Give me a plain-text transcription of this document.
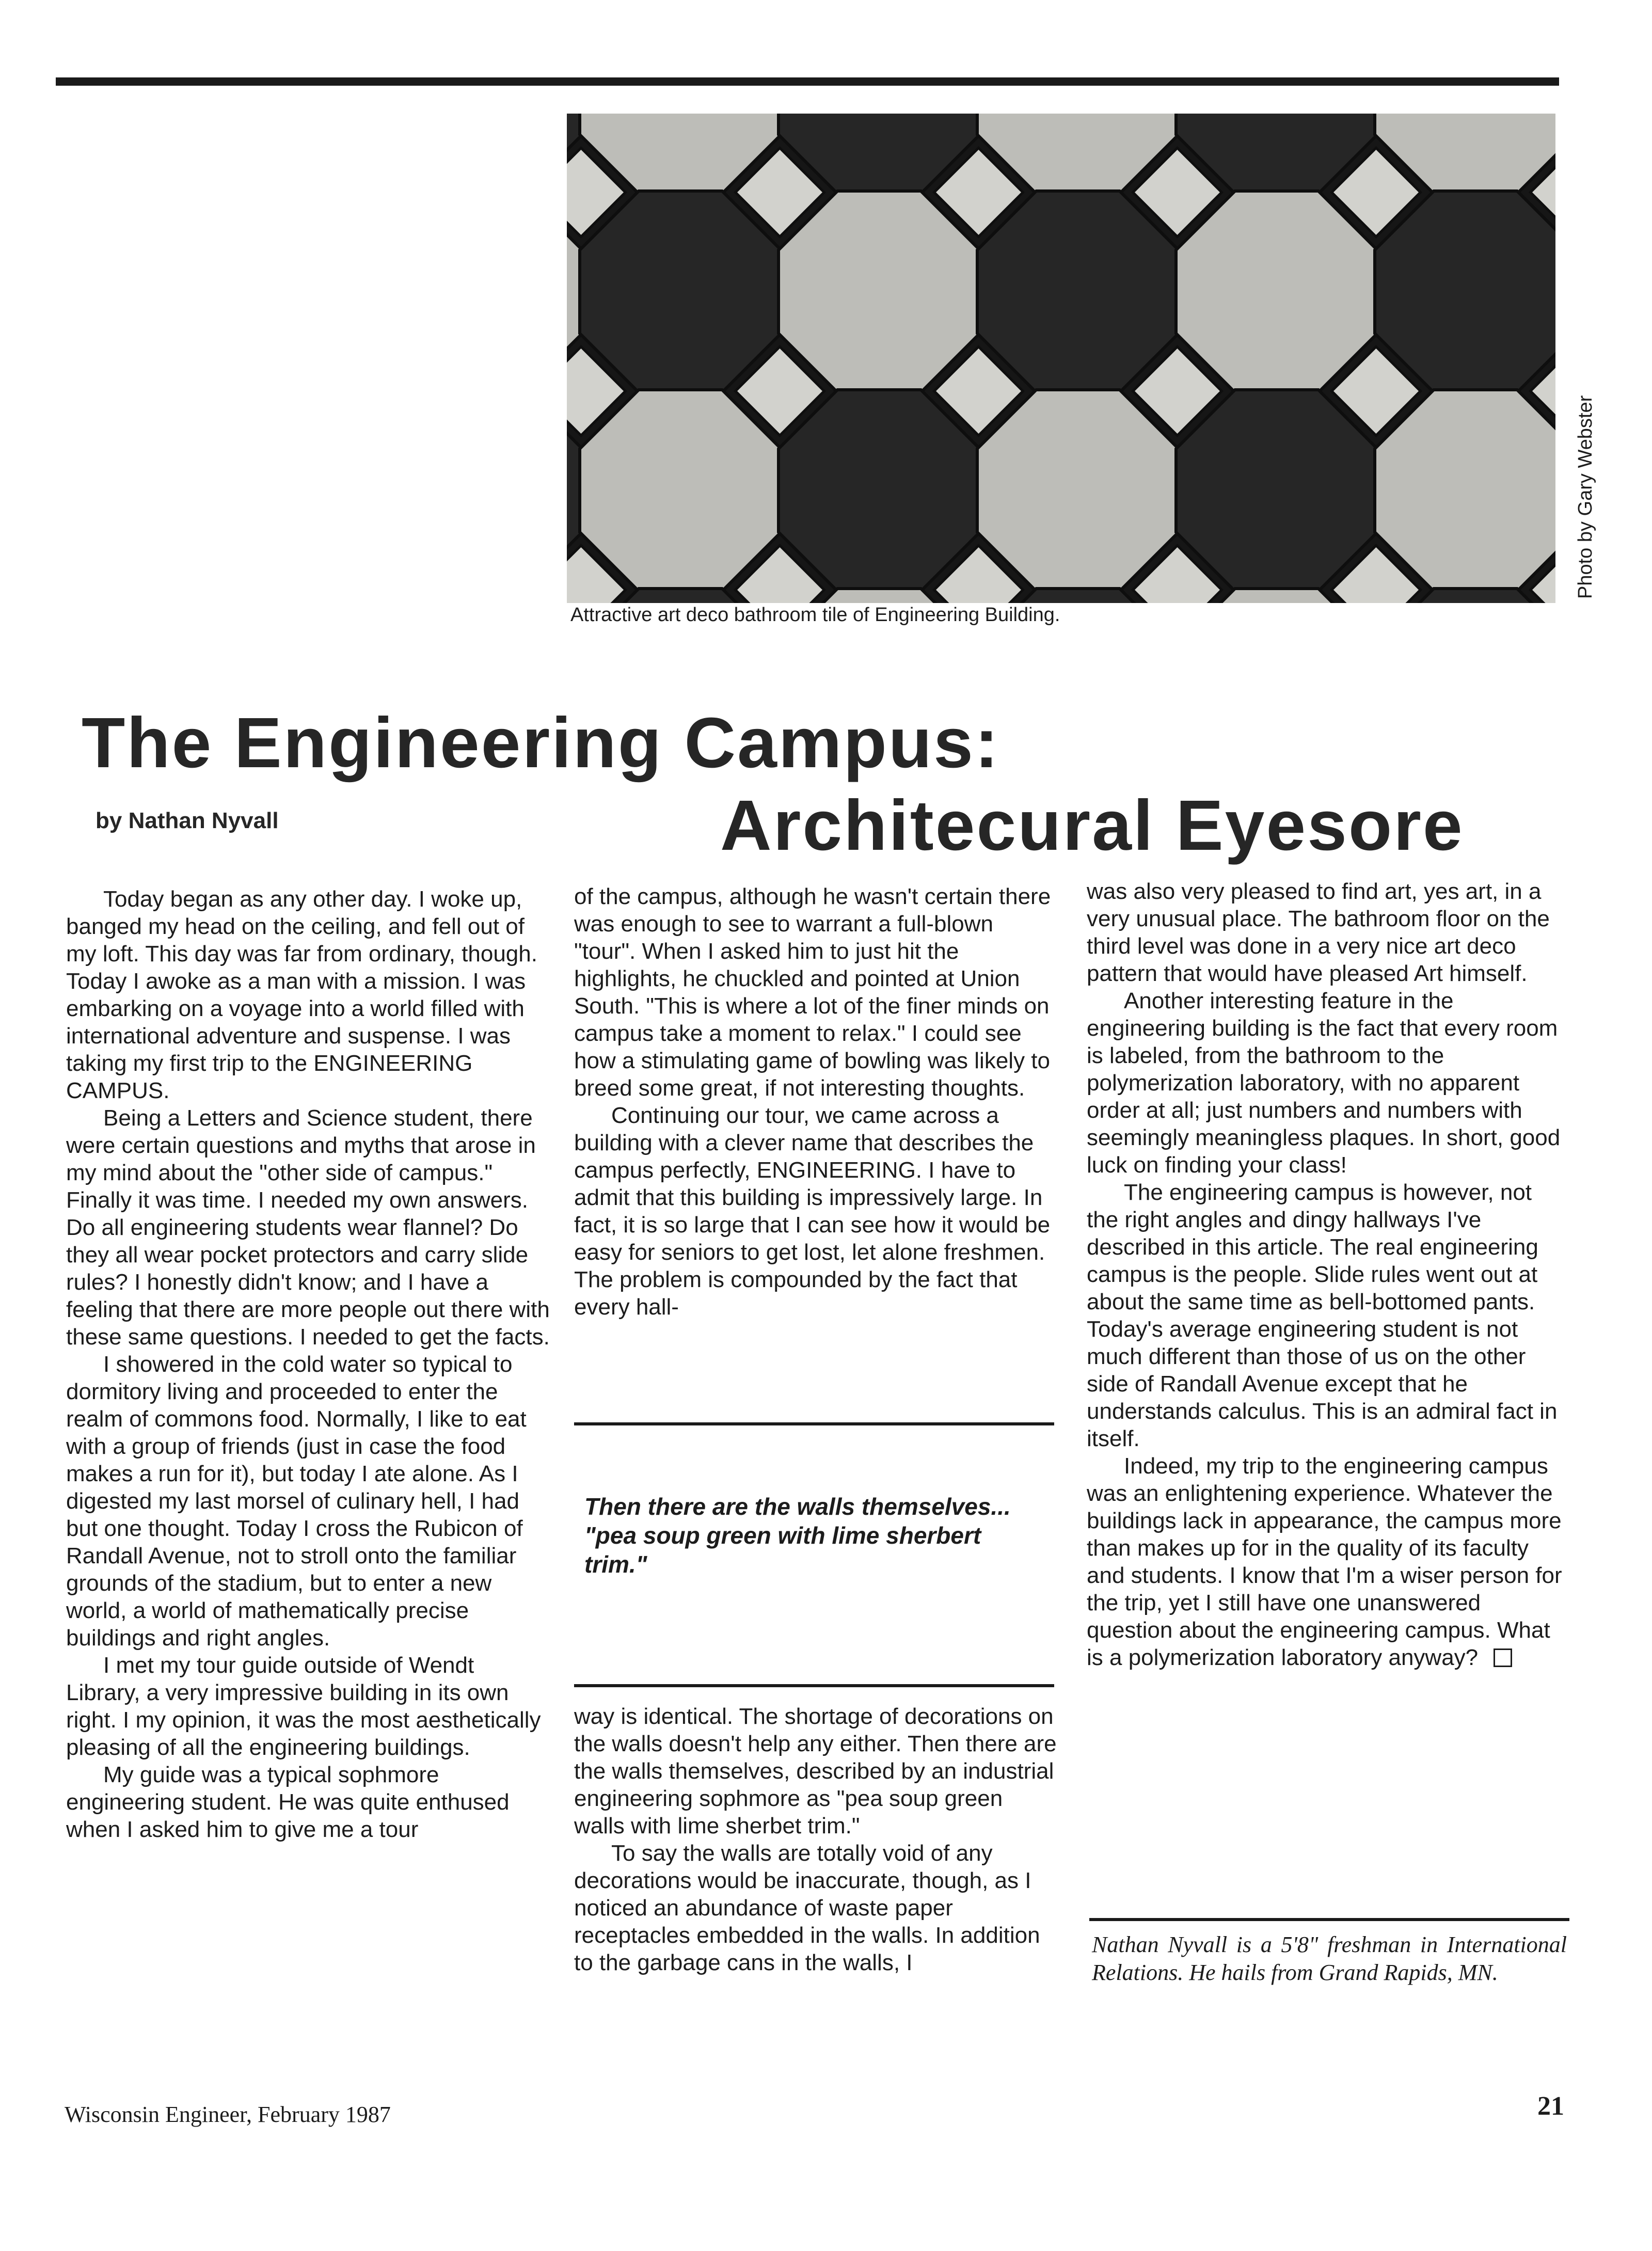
Attractive art deco bathroom tile of Engineering Building.
Photo by Gary Webster
The Engineering Campus:
by Nathan Nyvall	Architecural Eyesore

Today began as any other day. I woke up, banged my head on the ceiling, and fell out of my loft. This day was far from ordinary, though. Today I awoke as a man with a mission. I was embarking on a voyage into a world filled with international adventure and suspense. I was taking my first trip to the ENGINEERING CAMPUS.

Being a Letters and Science student, there were certain questions and myths that arose in my mind about the "other side of campus." Finally it was time. I needed my own answers. Do all engineering students wear flannel? Do they all wear pocket protectors and carry slide rules? I honestly didn't know; and I have a feeling that there are more people out there with these same questions. I needed to get the facts.

I showered in the cold water so typical to dormitory living and proceeded to enter the realm of commons food. Normally, I like to eat with a group of friends (just in case the food makes a run for it), but today I ate alone. As I digested my last morsel of culinary hell, I had but one thought. Today I cross the Rubicon of Randall Avenue, not to stroll onto the familiar grounds of the stadium, but to enter a new world, a world of mathematically precise buildings and right angles.

I met my tour guide outside of Wendt Library, a very impressive building in its own right. I my opinion, it was the most aesthetically pleasing of all the engineering buildings.

My guide was a typical sophmore engineering student. He was quite enthused when I asked him to give me a tour

of the campus, although he wasn't certain there was enough to see to warrant a full-blown "tour". When I asked him to just hit the highlights, he chuckled and pointed at Union South. "This is where a lot of the finer minds on campus take a moment to relax." I could see how a stimulating game of bowling was likely to breed some great, if not interesting thoughts.

Continuing our tour, we came across a building with a clever name that describes the campus perfectly, ENGINEERING. I have to admit that this building is impressively large. In fact, it is so large that I can see how it would be easy for seniors to get lost, let alone freshmen. The problem is compounded by the fact that every hall-

Then there are the walls themselves... "pea soup green with lime sherbert trim."

way is identical. The shortage of decorations on the walls doesn't help any either. Then there are the walls themselves, described by an industrial engineering sophmore as "pea soup green walls with lime sherbet trim."

To say the walls are totally void of any decorations would be inaccurate, though, as I noticed an abundance of waste paper receptacles embedded in the walls. In addition to the garbage cans in the walls, I

was also very pleased to find art, yes art, in a very unusual place. The bathroom floor on the third level was done in a very nice art deco pattern that would have pleased Art himself.

Another interesting feature in the engineering building is the fact that every room is labeled, from the bathroom to the polymerization laboratory, with no apparent order at all; just numbers and numbers with seemingly meaningless plaques. In short, good luck on finding your class!

The engineering campus is however, not the right angles and dingy hallways I've described in this article. The real engineering campus is the people. Slide rules went out at about the same time as bell-bottomed pants. Today's average engineering student is not much different than those of us on the other side of Randall Avenue except that he understands calculus. This is an admiral fact in itself.

Indeed, my trip to the engineering campus was an enlightening experience. Whatever the buildings lack in appearance, the campus more than makes up for in the quality of its faculty and students. I know that I'm a wiser person for the trip, yet I still have one unanswered question about the engineering campus. What is a polymerization laboratory anyway?

Nathan Nyvall is a 5'8" freshman in International Relations. He hails from Grand Rapids, MN.
Wisconsin Engineer, February 1987	21
